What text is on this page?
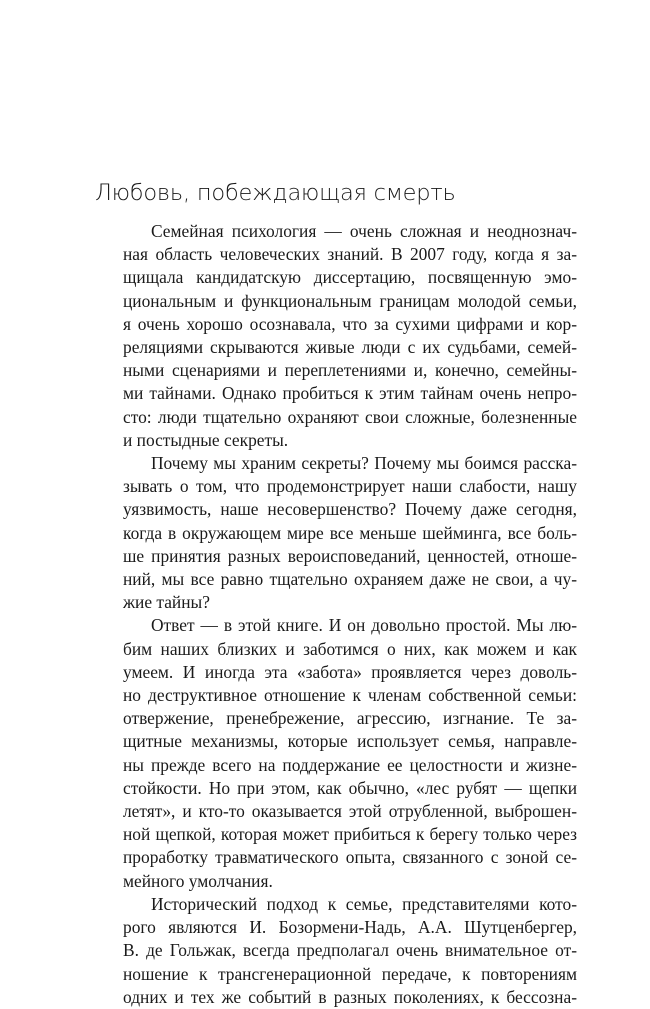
Любовь, побеждающая смерть
Семейная психология — очень сложная и неоднознач-
ная область человеческих знаний. В 2007 году, когда я за-
щищала кандидатскую диссертацию, посвященную эмо-
циональным и функциональным границам молодой семьи,
я очень хорошо осознавала, что за сухими цифрами и кор-
реляциями скрываются живые люди с их судьбами, семей-
ными сценариями и переплетениями и, конечно, семейны-
ми тайнами. Однако пробиться к этим тайнам очень непро-
сто: люди тщательно охраняют свои сложные, болезненные
и постыдные секреты.
Почему мы храним секреты? Почему мы боимся расска-
зывать о том, что продемонстрирует наши слабости, нашу
уязвимость, наше несовершенство? Почему даже сегодня,
когда в окружающем мире все меньше шейминга, все боль-
ше принятия разных вероисповеданий, ценностей, отноше-
ний, мы все равно тщательно охраняем даже не свои, а чу-
жие тайны?
Ответ — в этой книге. И он довольно простой. Мы лю-
бим наших близких и заботимся о них, как можем и как
умеем. И иногда эта «забота» проявляется через доволь-
но деструктивное отношение к членам собственной семьи:
отвержение, пренебрежение, агрессию, изгнание. Те за-
щитные механизмы, которые использует семья, направле-
ны прежде всего на поддержание ее целостности и жизне-
стойкости. Но при этом, как обычно, «лес рубят — щепки
летят», и кто-то оказывается этой отрубленной, выброшен-
ной щепкой, которая может прибиться к берегу только через
проработку травматического опыта, связанного с зоной се-
мейного умолчания.
Исторический подход к семье, представителями кото-
рого являются И. Бозормени-Надь, А.А. Шутценбергер,
В. де Гольжак, всегда предполагал очень внимательное от-
ношение к трансгенерационной передаче, к повторениям
одних и тех же событий в разных поколениях, к бессозна-
